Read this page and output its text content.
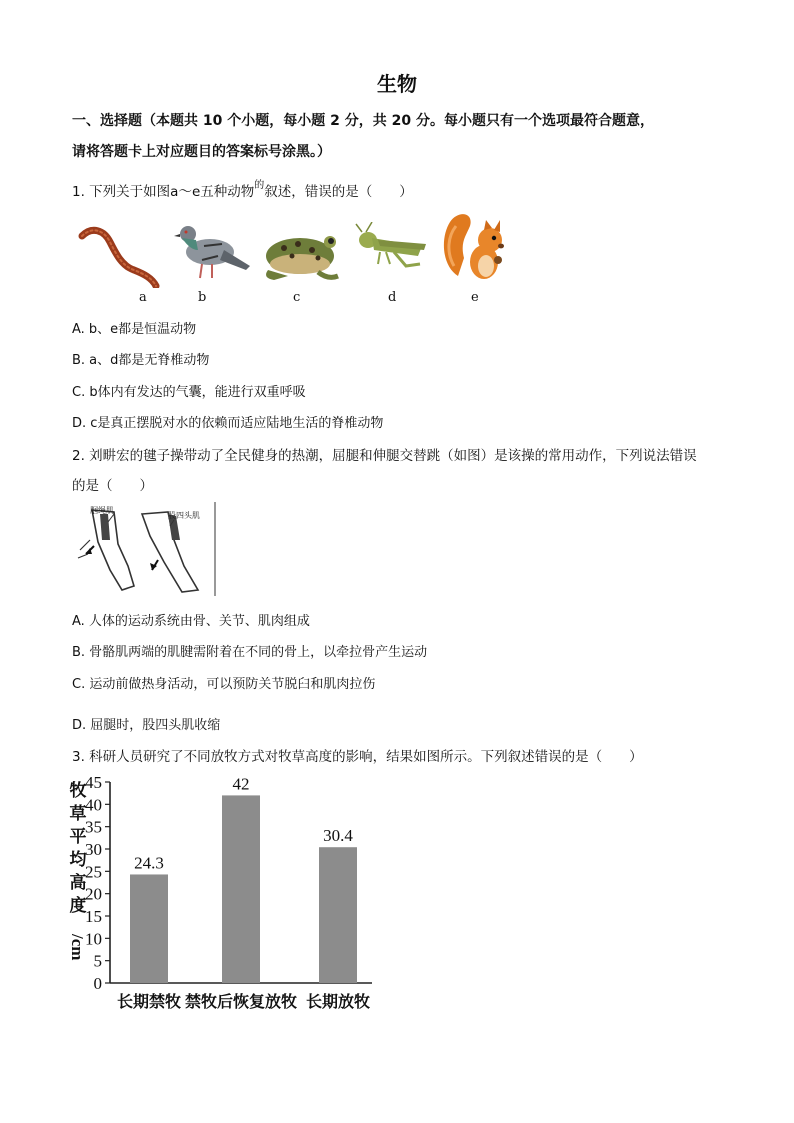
生物
一、选择题（本题共 10 个小题，每小题 2 分，共 20 分。每小题只有一个选项最符合题意，
请将答题卡上对应题目的答案标号涂黑。）
1. 下列关于如图a～e五种动物$^的$叙述，错误的是（　　）
a	b	c	d	e
A. b、e都是恒温动物
B. a、d都是无脊椎动物
C. b体内有发达的气囊，能进行双重呼吸
D. c是真正摆脱对水的依赖而适应陆地生活的脊椎动物
2. 刘畊宏的毽子操带动了全民健身的热潮，屈腿和伸腿交替跳（如图）是该操的常用动作，下列说法错误
的是（　　）
腘绳肌
股四头肌
A. 人体的运动系统由骨、关节、肌肉组成
B. 骨骼肌两端的肌腱需附着在不同的骨上，以牵拉骨产生运动
C. 运动前做热身活动，可以预防关节脱臼和肌肉拉伤
D. 屈腿时，股四头肌收缩
3. 科研人员研究了不同放牧方式对牧草高度的影响，结果如图所示。下列叙述错误的是（　　）
牧
草
平
均
高
度
/cm
0
5
10
15
20
25
30
35
40
45
24.3
42
30.4
长期禁牧 禁牧后恢复放牧 长期放牧
